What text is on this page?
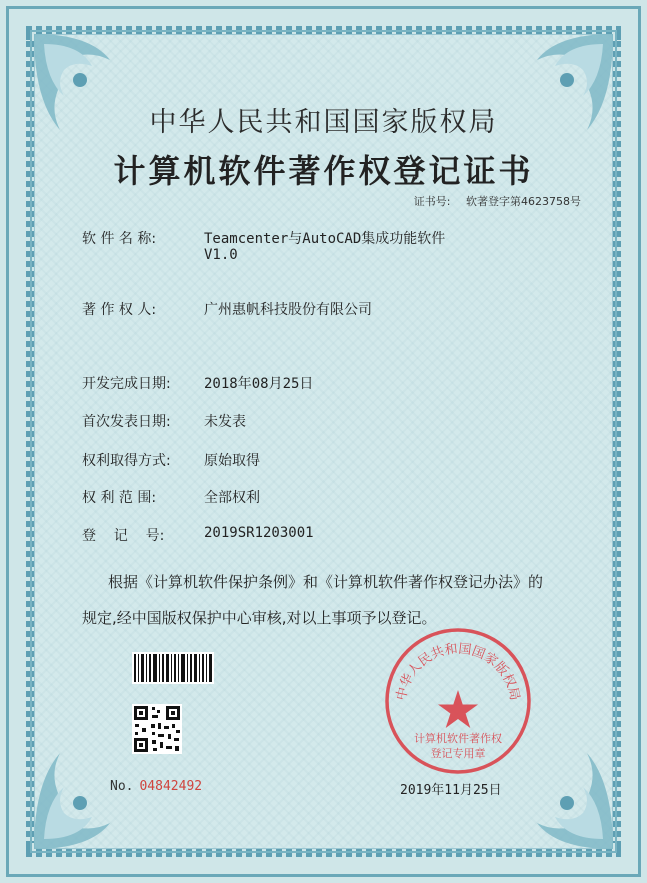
中华人民共和国国家版权局
计算机软件著作权登记证书
证书号: 软著登字第4623758号
软 件 名 称:	Teamcenter与AutoCAD集成功能软件
V1.0
著 作 权 人:	广州惠帆科技股份有限公司
开发完成日期:	2018年08月25日
首次发表日期:	未发表
权利取得方式:	原始取得
权 利 范 围:	全部权利
登    记    号:	2019SR1203001
根据《计算机软件保护条例》和《计算机软件著作权登记办法》的
规定,经中国版权保护中心审核,对以上事项予以登记。
No. 04842492
中华人民共和国国家版权局
计算机软件著作权
登记专用章
2019年11月25日
